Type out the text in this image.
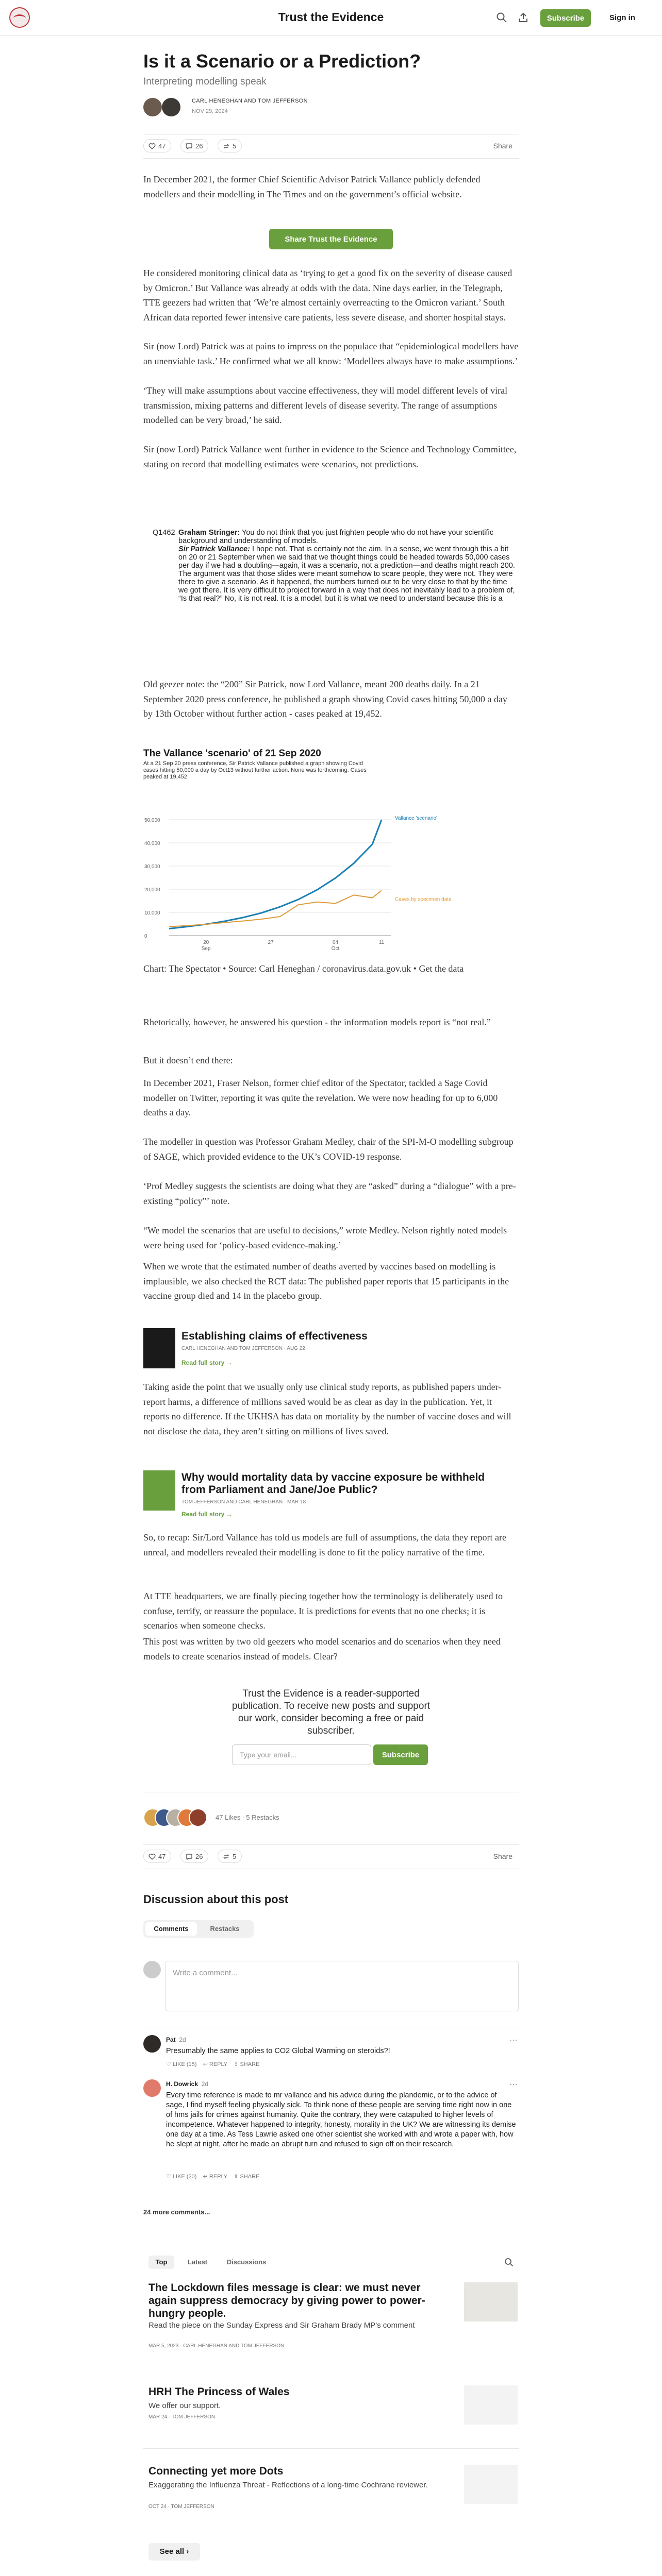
Trust the Evidence	Subscribe	Sign in
Is it a Scenario or a Prediction?
Interpreting modelling speak
CARL HENEGHAN AND TOM JEFFERSON
NOV 29, 2024
47	26	5	Share

In December 2021, the former Chief Scientific Advisor Patrick Vallance publicly defended modellers and their modelling in The Times and on the government’s official website.

Share Trust the Evidence

He considered monitoring clinical data as ‘trying to get a good fix on the severity of disease caused by Omicron.’ But Vallance was already at odds with the data. Nine days earlier, in the Telegraph, TTE geezers had written that ‘We’re almost certainly overreacting to the Omicron variant.’ South African data reported fewer intensive care patients, less severe disease, and shorter hospital stays.

Sir (now Lord) Patrick was at pains to impress on the populace that “epidemiological modellers have an unenviable task.’ He confirmed what we all know: ‘Modellers always have to make assumptions.’

‘They will make assumptions about vaccine effectiveness, they will model different levels of viral transmission, mixing patterns and different levels of disease severity. The range of assumptions modelled can be very broad,’ he said.

Sir (now Lord) Patrick Vallance went further in evidence to the Science and Technology Committee, stating on record that modelling estimates were scenarios, not predictions.

Q1462 Graham Stringer: You do not think that you just frighten people who do not have your scientific background and understanding of models.
Sir Patrick Vallance: I hope not. That is certainly not the aim. In a sense, we went through this a bit on 20 or 21 September when we said that we thought things could be headed towards 50,000 cases per day if we had a doubling—again, it was a scenario, not a prediction—and deaths might reach 200. The argument was that those slides were meant somehow to scare people, they were not. They were there to give a scenario. As it happened, the numbers turned out to be very close to that by the time we got there. It is very difficult to project forward in a way that does not inevitably lead to a problem of, “Is that real?” No, it is not real. It is a model, but it is what we need to understand because this is a

Old geezer note: the “200” Sir Patrick, now Lord Vallance, meant 200 deaths daily. In a 21 September 2020 press conference, he published a graph showing Covid cases hitting 50,000 a day by 13th October without further action - cases peaked at 19,452.

The Vallance 'scenario' of 21 Sep 2020
At a 21 Sep 20 press conference, Sir Patrick Vallance published a graph showing Covid cases hitting 50,000 a day by Oct13 without further action. None was forthcoming. Cases peaked at 19,452
0
10,000
20,000
30,000
40,000
50,000
20
Sep
27	04
Oct
11
Vallance 'scenario'
Cases by specimen date
Chart: The Spectator • Source: Carl Heneghan / coronavirus.data.gov.uk • Get the data

Rhetorically, however, he answered his question - the information models report is “not real.”

But it doesn’t end there:

In December 2021, Fraser Nelson, former chief editor of the Spectator, tackled a Sage Covid modeller on Twitter, reporting it was quite the revelation. We were now heading for up to 6,000 deaths a day.

The modeller in question was Professor Graham Medley, chair of the SPI-M-O modelling subgroup of SAGE, which provided evidence to the UK’s COVID-19 response.

‘Prof Medley suggests the scientists are doing what they are “asked” during a “dialogue” with a pre-existing “policy”’ note.

“We model the scenarios that are useful to decisions,” wrote Medley. Nelson rightly noted models were being used for ‘policy-based evidence-making.’

When we wrote that the estimated number of deaths averted by vaccines based on modelling is implausible, we also checked the RCT data: The published paper reports that 15 participants in the vaccine group died and 14 in the placebo group.

Establishing claims of effectiveness
CARL HENEGHAN AND TOM JEFFERSON · AUG 22
Read full story →

Taking aside the point that we usually only use clinical study reports, as published papers under-report harms, a difference of millions saved would be as clear as day in the publication. Yet, it reports no difference. If the UKHSA has data on mortality by the number of vaccine doses and will not disclose the data, they aren’t sitting on millions of lives saved.

Why would mortality data by vaccine exposure be withheld from Parliament and Jane/Joe Public?
TOM JEFFERSON AND CARL HENEGHAN · MAR 18
Read full story →

So, to recap: Sir/Lord Vallance has told us models are full of assumptions, the data they report are unreal, and modellers revealed their modelling is done to fit the policy narrative of the time.

At TTE headquarters, we are finally piecing together how the terminology is deliberately used to confuse, terrify, or reassure the populace. It is predictions for events that no one checks; it is scenarios when someone checks.

This post was written by two old geezers who model scenarios and do scenarios when they need models to create scenarios instead of models. Clear?

Trust the Evidence is a reader-supported publication. To receive new posts and support our work, consider becoming a free or paid subscriber.
Type your email...	Subscribe
47 Likes ∙ 5 Restacks
47	26	5	Share
Discussion about this post
Comments	Restacks
Write a comment...
Pat 2d
Presumably the same applies to CO2 Global Warming on steroids?!
♡ LIKE (15)    ↩ REPLY    ⇪ SHARE
⋯
H. Dowrick 2d
Every time reference is made to mr vallance and his advice during the plandemic, or to the advice of sage, I find myself feeling physically sick. To think none of these people are serving time right now in one of hms jails for crimes against humanity. Quite the contrary, they were catapulted to higher levels of incompetence. Whatever happened to integrity, honesty, morality in the UK? We are witnessing its demise one day at a time. As Tess Lawrie asked one other scientist she worked with and wrote a paper with, how he slept at night, after he made an abrupt turn and refused to sign off on their research.
♡ LIKE (20)    ↩ REPLY    ⇪ SHARE
⋯
24 more comments...
Top	Latest	Discussions
The Lockdown files message is clear: we must never again suppress democracy by giving power to power-hungry people.
Read the piece on the Sunday Express and Sir Graham Brady MP's comment
MAR 5, 2023 · CARL HENEGHAN AND TOM JEFFERSON
HRH The Princess of Wales
We offer our support.
MAR 24 · TOM JEFFERSON
Connecting yet more Dots
Exaggerating the Influenza Threat - Reflections of a long-time Cochrane reviewer.
OCT 24 · TOM JEFFERSON
See all ›
